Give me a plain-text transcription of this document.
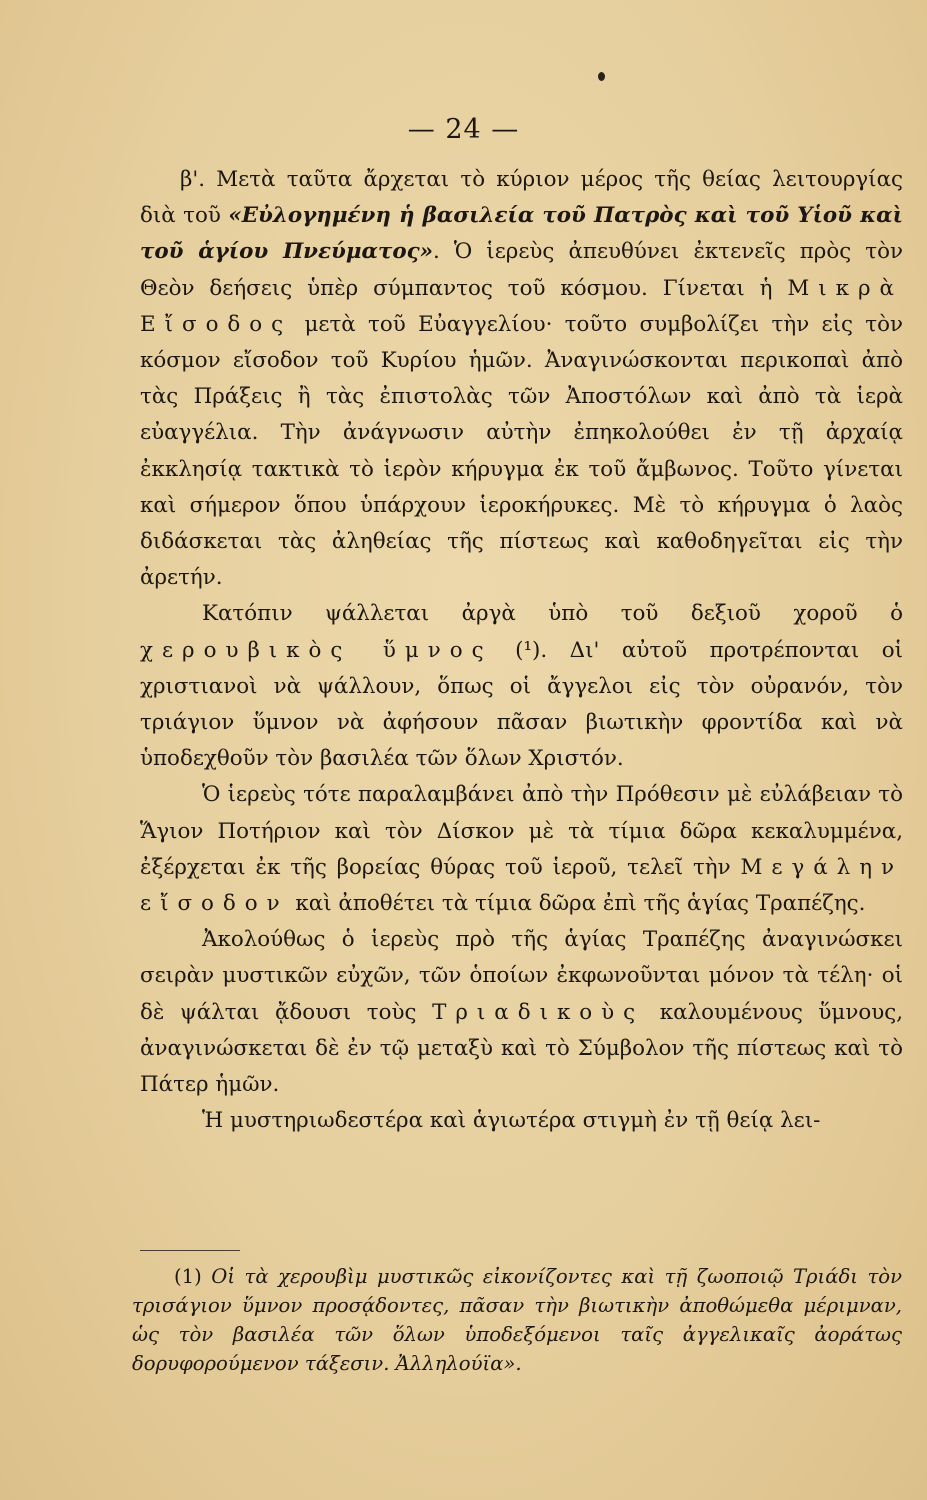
— 24 —

β'. Μετὰ ταῦτα ἄρχεται τὸ κύριον μέρος τῆς θείας λειτουργίας διὰ τοῦ «Εὐλογημένη ἡ βασιλεία τοῦ Πατρὸς καὶ τοῦ Υἱοῦ καὶ τοῦ ἁγίου Πνεύματος». Ὁ ἱερεὺς ἀπευθύνει ἐκτενεῖς πρὸς τὸν Θεὸν δεήσεις ὑπὲρ σύμπαντος τοῦ κόσμου. Γίνεται ἡ Μικρὰ Εἴσοδος μετὰ τοῦ Εὐαγγελίου· τοῦτο συμβολίζει τὴν εἰς τὸν κόσμον εἴσοδον τοῦ Κυρίου ἡμῶν. Ἀναγινώσκονται περικοπαὶ ἀπὸ τὰς Πράξεις ἢ τὰς ἐπιστολὰς τῶν Ἀποστόλων καὶ ἀπὸ τὰ ἱερὰ εὐαγγέλια. Τὴν ἀνάγνωσιν αὐτὴν ἐπηκολούθει ἐν τῇ ἀρχαίᾳ ἐκκλησίᾳ τακτικὰ τὸ ἱερὸν κήρυγμα ἐκ τοῦ ἄμβωνος. Τοῦτο γίνεται καὶ σήμερον ὅπου ὑπάρχουν ἱεροκήρυκες. Μὲ τὸ κήρυγμα ὁ λαὸς διδάσκεται τὰς ἀληθείας τῆς πίστεως καὶ καθοδηγεῖται εἰς τὴν ἀρετήν.

Κατόπιν ψάλλεται ἀργὰ ὑπὸ τοῦ δεξιοῦ χοροῦ ὁ χερουβικὸς ὕμνος (¹). Δι' αὐτοῦ προτρέπονται οἱ χριστιανοὶ νὰ ψάλλουν, ὅπως οἱ ἄγγελοι εἰς τὸν οὐρανόν, τὸν τριάγιον ὕμνον νὰ ἀφήσουν πᾶσαν βιωτικὴν φροντίδα καὶ νὰ ὑποδεχθοῦν τὸν βασιλέα τῶν ὅλων Χριστόν.

Ὁ ἱερεὺς τότε παραλαμβάνει ἀπὸ τὴν Πρόθεσιν μὲ εὐλάβειαν τὸ Ἅγιον Ποτήριον καὶ τὸν Δίσκον μὲ τὰ τίμια δῶρα κεκαλυμμένα, ἐξέρχεται ἐκ τῆς βορείας θύρας τοῦ ἱεροῦ, τελεῖ τὴν Μεγάλην εἴσοδον καὶ ἀποθέτει τὰ τίμια δῶρα ἐπὶ τῆς ἁγίας Τραπέζης.

Ἀκολούθως ὁ ἱερεὺς πρὸ τῆς ἁγίας Τραπέζης ἀναγινώσκει σειρὰν μυστικῶν εὐχῶν, τῶν ὁποίων ἐκφωνοῦνται μόνον τὰ τέλη· οἱ δὲ ψάλται ᾄδουσι τοὺς Τριαδικοὺς καλουμένους ὕμνους, ἀναγινώσκεται δὲ ἐν τῷ μεταξὺ καὶ τὸ Σύμβολον τῆς πίστεως καὶ τὸ Πάτερ ἡμῶν.

Ἡ μυστηριωδεστέρα καὶ ἁγιωτέρα στιγμὴ ἐν τῇ θείᾳ λει-

(1) Οἱ τὰ χερουβὶμ μυστικῶς εἰκονίζοντες καὶ τῇ ζωοποιῷ Τριάδι τὸν τρισάγιον ὕμνον προσᾴδοντες, πᾶσαν τὴν βιωτικὴν ἀποθώμεθα μέριμναν, ὡς τὸν βασιλέα τῶν ὅλων ὑποδεξόμενοι ταῖς ἀγγελικαῖς ἀοράτως δορυφορούμενον τάξεσιν. Ἀλληλούϊα».
